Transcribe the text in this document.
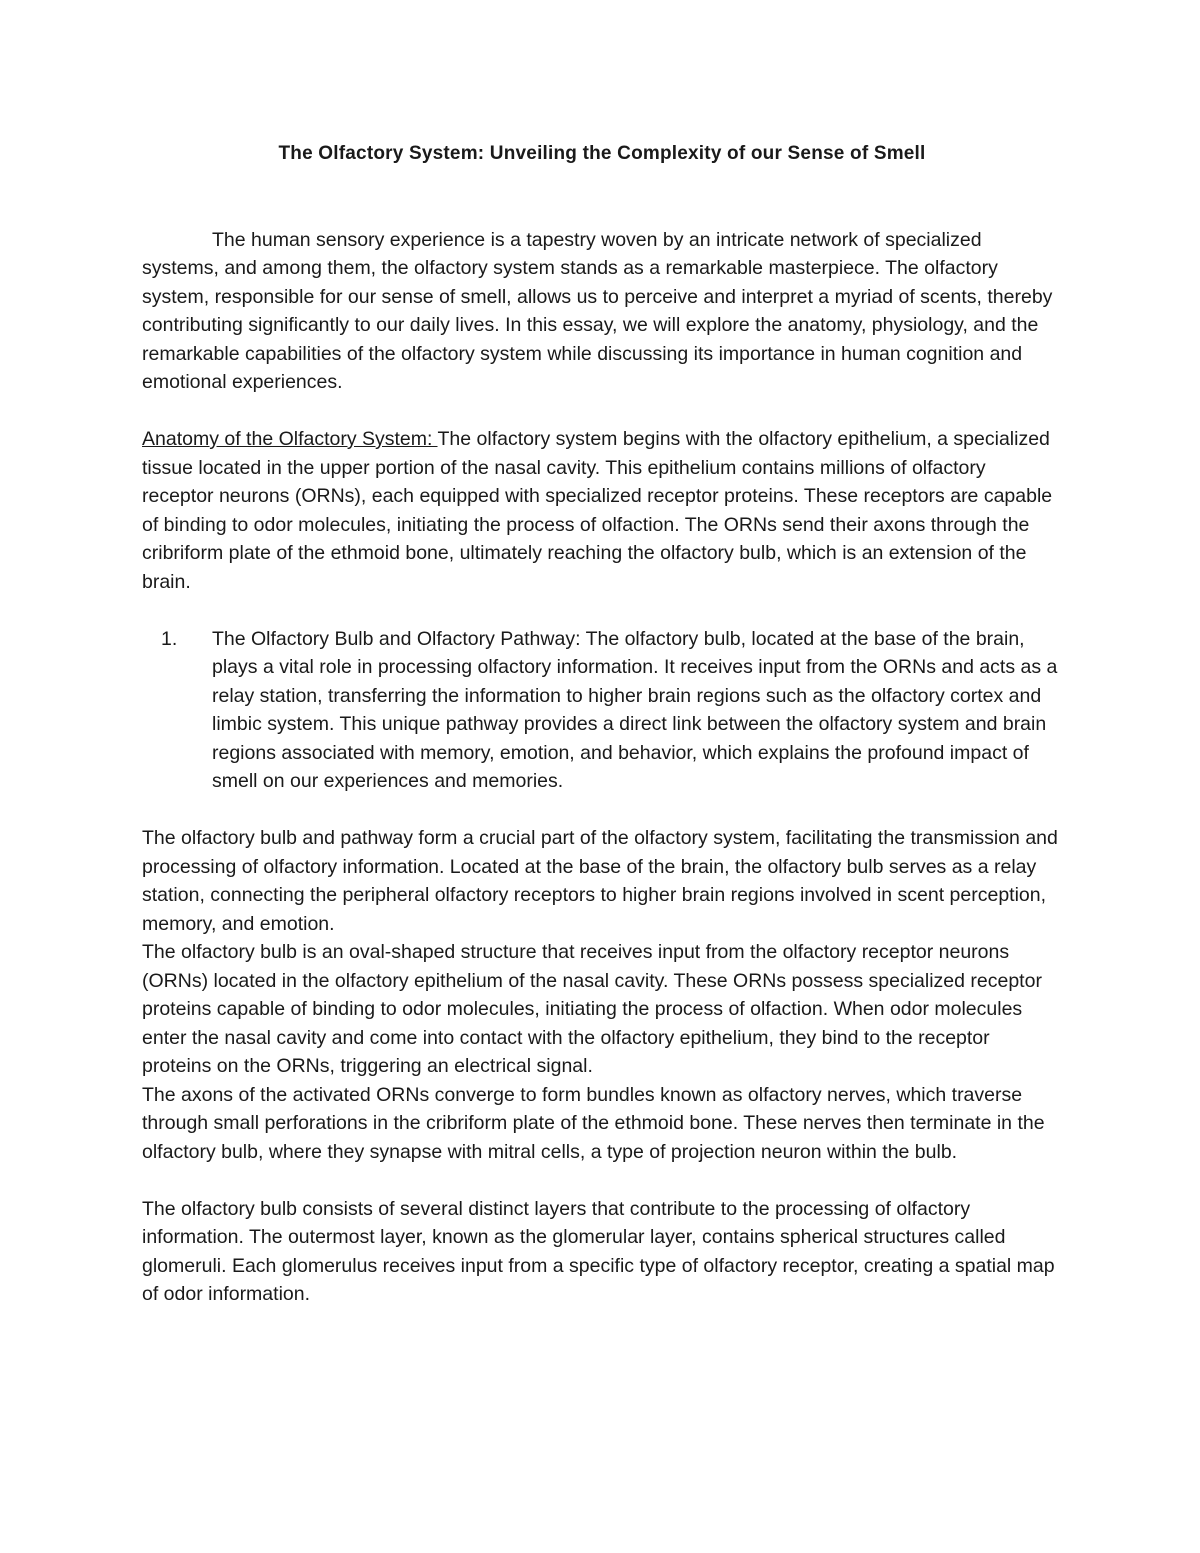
The Olfactory System: Unveiling the Complexity of our Sense of Smell

The human sensory experience is a tapestry woven by an intricate network of specialized systems, and among them, the olfactory system stands as a remarkable masterpiece. The olfactory system, responsible for our sense of smell, allows us to perceive and interpret a myriad of scents, thereby contributing significantly to our daily lives. In this essay, we will explore the anatomy, physiology, and the remarkable capabilities of the olfactory system while discussing its importance in human cognition and emotional experiences.

Anatomy of the Olfactory System: The olfactory system begins with the olfactory epithelium, a specialized tissue located in the upper portion of the nasal cavity. This epithelium contains millions of olfactory receptor neurons (ORNs), each equipped with specialized receptor proteins. These receptors are capable of binding to odor molecules, initiating the process of olfaction. The ORNs send their axons through the cribriform plate of the ethmoid bone, ultimately reaching the olfactory bulb, which is an extension of the brain.

1. The Olfactory Bulb and Olfactory Pathway: The olfactory bulb, located at the base of the brain, plays a vital role in processing olfactory information. It receives input from the ORNs and acts as a relay station, transferring the information to higher brain regions such as the olfactory cortex and limbic system. This unique pathway provides a direct link between the olfactory system and brain regions associated with memory, emotion, and behavior, which explains the profound impact of smell on our experiences and memories.

The olfactory bulb and pathway form a crucial part of the olfactory system, facilitating the transmission and processing of olfactory information. Located at the base of the brain, the olfactory bulb serves as a relay station, connecting the peripheral olfactory receptors to higher brain regions involved in scent perception, memory, and emotion.

The olfactory bulb is an oval-shaped structure that receives input from the olfactory receptor neurons (ORNs) located in the olfactory epithelium of the nasal cavity. These ORNs possess specialized receptor proteins capable of binding to odor molecules, initiating the process of olfaction. When odor molecules enter the nasal cavity and come into contact with the olfactory epithelium, they bind to the receptor proteins on the ORNs, triggering an electrical signal.

The axons of the activated ORNs converge to form bundles known as olfactory nerves, which traverse through small perforations in the cribriform plate of the ethmoid bone. These nerves then terminate in the olfactory bulb, where they synapse with mitral cells, a type of projection neuron within the bulb.

The olfactory bulb consists of several distinct layers that contribute to the processing of olfactory information. The outermost layer, known as the glomerular layer, contains spherical structures called glomeruli. Each glomerulus receives input from a specific type of olfactory receptor, creating a spatial map of odor information.
